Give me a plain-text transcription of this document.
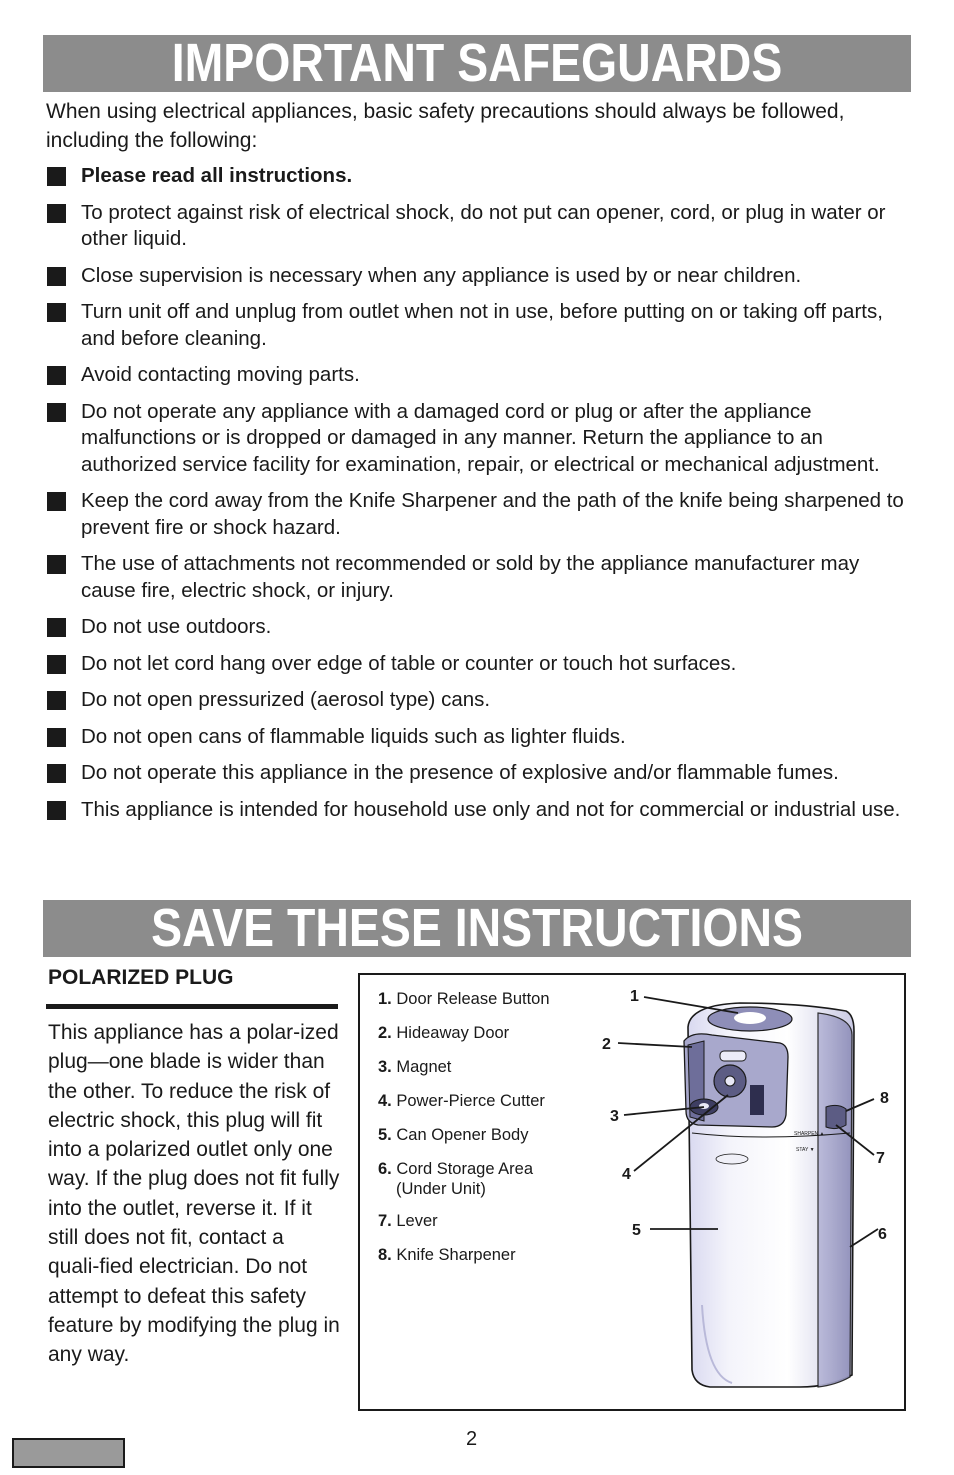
IMPORTANT SAFEGUARDS
When using electrical appliances, basic safety precautions should always be followed, including the following:
Please read all instructions.
To protect against risk of electrical shock, do not put can opener, cord, or plug in water or other liquid.
Close supervision is necessary when any appliance is used by or near children.
Turn unit off and unplug from outlet when not in use, before putting on or taking off parts, and before cleaning.
Avoid contacting moving parts.
Do not operate any appliance with a damaged cord or plug or after the appliance malfunctions or is dropped or damaged in any manner. Return the appliance to an authorized service facility for examination, repair, or electrical or mechanical adjustment.
Keep the cord away from the Knife Sharpener and the path of the knife being sharpened to prevent fire or shock hazard.
The use of attachments not recommended or sold by the appliance manufacturer may cause fire, electric shock, or injury.
Do not use outdoors.
Do not let cord hang over edge of table or counter or touch hot surfaces.
Do not open pressurized (aerosol type) cans.
Do not open cans of flammable liquids such as lighter fluids.
Do not operate this appliance in the presence of explosive and/or flammable fumes.
This appliance is intended for household use only and not for commercial or industrial use.
SAVE THESE INSTRUCTIONS
POLARIZED PLUG
This appliance has a polar-ized plug—one blade is wider than the other. To reduce the risk of electric shock, this plug will fit into a polarized outlet only one way. If the plug does not fit fully into the outlet, reverse it. If it still does not fit, contact a quali-fied electrician. Do not attempt to defeat this safety feature by modifying the plug in any way.
SHARPEN ▲
STAY ▼
1
2
3
4
5	6
7
8
1. Door Release Button
2. Hideaway Door
3. Magnet
4. Power-Pierce Cutter
5. Can Opener Body
6. Cord Storage Area
(Under Unit)
7. Lever
8. Knife Sharpener
2
